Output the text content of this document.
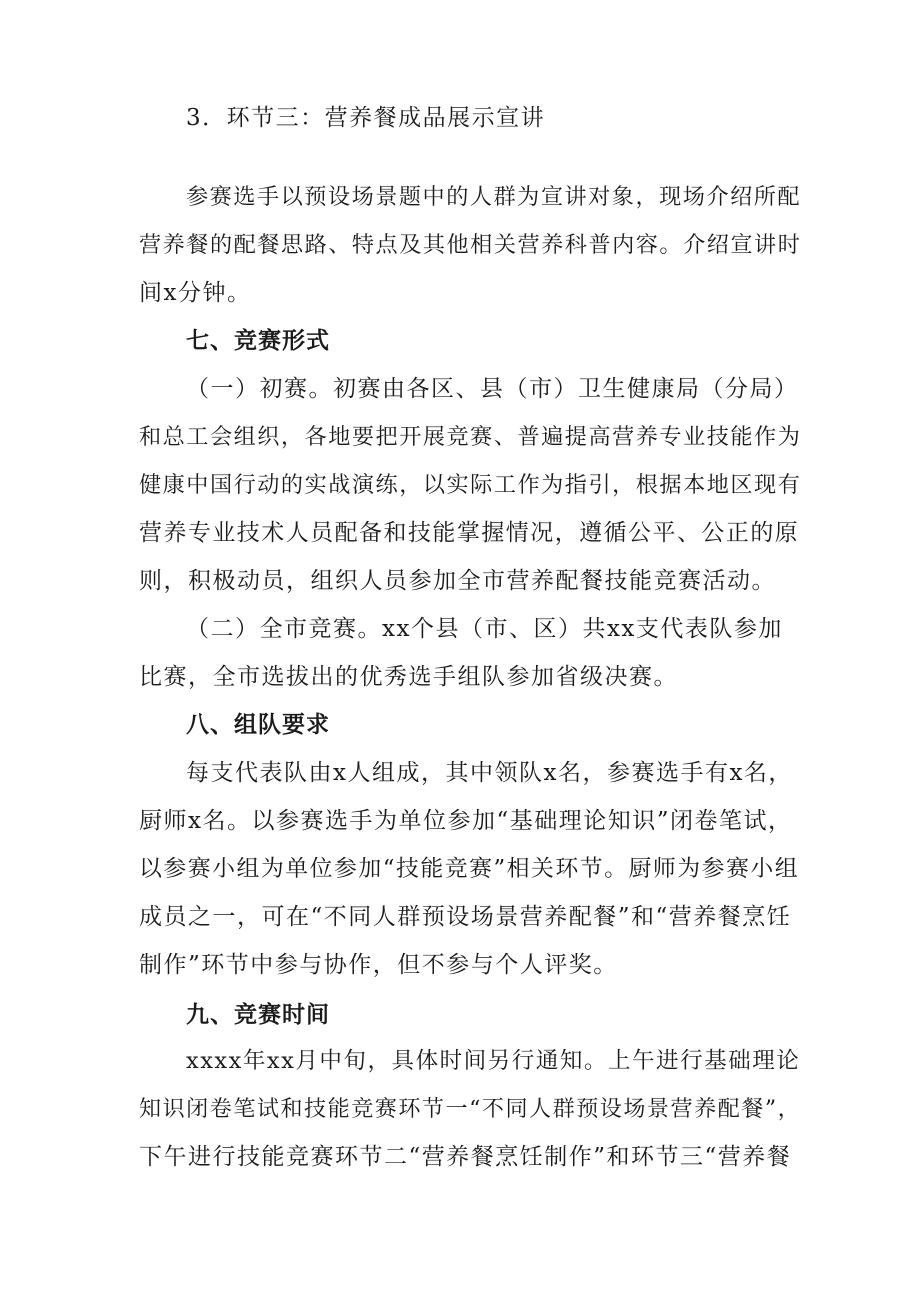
3．环节三：营养餐成品展示宣讲
参赛选手以预设场景题中的人群为宣讲对象，现场介绍所配
营养餐的配餐思路、特点及其他相关营养科普内容。介绍宣讲时
间x分钟。
七、竞赛形式
（一）初赛。初赛由各区、县（市）卫生健康局（分局）
和总工会组织，各地要把开展竞赛、普遍提高营养专业技能作为
健康中国行动的实战演练，以实际工作为指引，根据本地区现有
营养专业技术人员配备和技能掌握情况，遵循公平、公正的原
则，积极动员，组织人员参加全市营养配餐技能竞赛活动。
（二）全市竞赛。xx个县（市、区）共xx支代表队参加
比赛，全市选拔出的优秀选手组队参加省级决赛。
八、组队要求
每支代表队由x人组成，其中领队x名，参赛选手有x名，
厨师x名。以参赛选手为单位参加“基础理论知识”闭卷笔试，
以参赛小组为单位参加“技能竞赛”相关环节。厨师为参赛小组
成员之一，可在“不同人群预设场景营养配餐”和“营养餐烹饪
制作”环节中参与协作，但不参与个人评奖。
九、竞赛时间
xxxx年xx月中旬，具体时间另行通知。上午进行基础理论
知识闭卷笔试和技能竞赛环节一“不同人群预设场景营养配餐”，
下午进行技能竞赛环节二“营养餐烹饪制作”和环节三“营养餐
